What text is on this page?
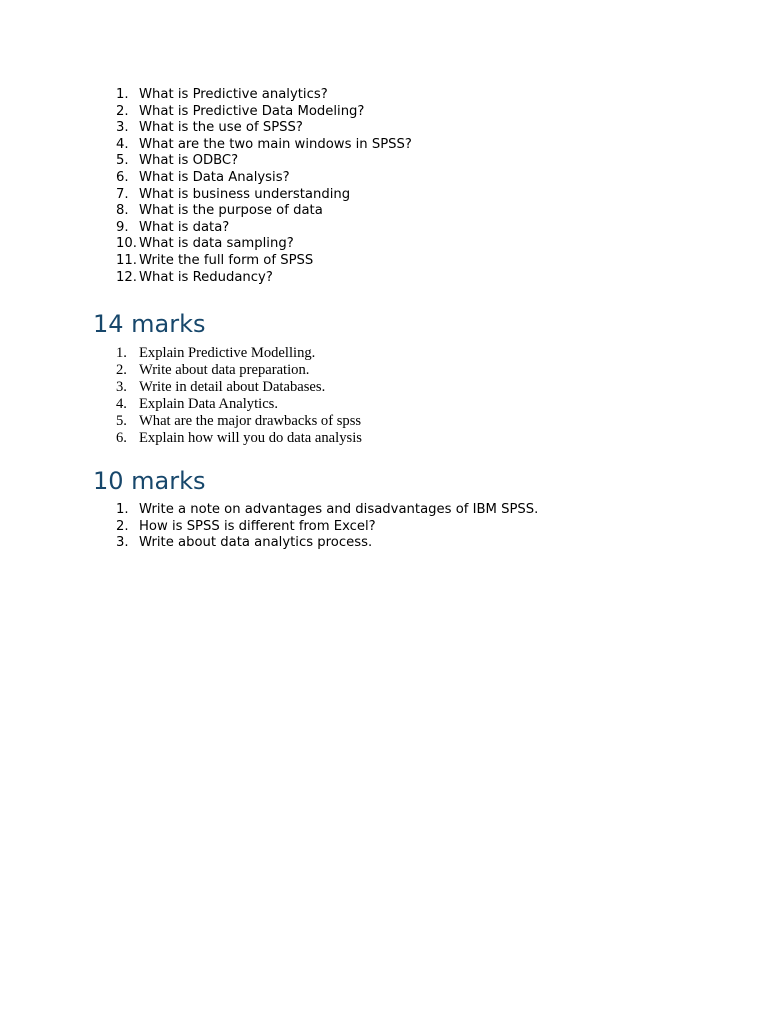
1. What is Predictive analytics?
2. What is Predictive Data Modeling?
3. What is the use of SPSS?
4. What are the two main windows in SPSS?
5. What is ODBC?
6. What is Data Analysis?
7. What is business understanding
8. What is the purpose of data
9. What is data?
10. What is data sampling?
11. Write the full form of SPSS
12. What is Redudancy?
14 marks
1. Explain Predictive Modelling.
2. Write about data preparation.
3. Write in detail about Databases.
4. Explain Data Analytics.
5. What are the major drawbacks of spss
6. Explain how will you do data analysis
10 marks
1. Write a note on advantages and disadvantages of IBM SPSS.
2. How is SPSS is different from Excel?
3. Write about data analytics process.
